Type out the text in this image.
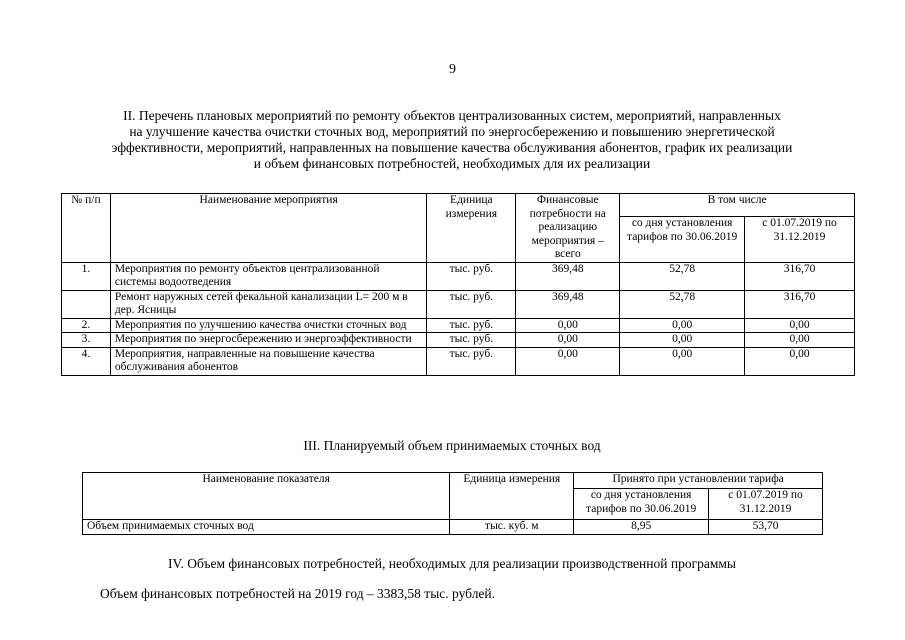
9
II. Перечень плановых мероприятий по ремонту объектов централизованных систем, мероприятий, направленных
на улучшение качества очистки сточных вод, мероприятий по энергосбережению и повышению энергетической
эффективности, мероприятий, направленных на повышение качества обслуживания абонентов, график их реализации
и объем финансовых потребностей, необходимых для их реализации
№ п/п	Наименование мероприятия	Единица измерения	Финансовые потребности на реализацию мероприятия – всего	В том числе	
				со дня установления тарифов по 30.06.2019	с 01.07.2019 по 31.12.2019
1.	Мероприятия по ремонту объектов централизованной системы водоотведения	тыс. руб.	369,48	52,78	316,70
	Ремонт наружных сетей фекальной канализации L= 200 м в дер. Ясницы	тыс. руб.	369,48	52,78	316,70
2.	Мероприятия по улучшению качества очистки сточных вод	тыс. руб.	0,00	0,00	0,00
3.	Мероприятия по энергосбережению и энергоэффективности	тыс. руб.	0,00	0,00	0,00
4.	Мероприятия, направленные на повышение качества обслуживания абонентов	тыс. руб.	0,00	0,00	0,00
III. Планируемый объем принимаемых сточных вод
Наименование показателя	Единица измерения	Принято при установлении тарифа	
		со дня установления тарифов по 30.06.2019	с 01.07.2019 по 31.12.2019
Объем принимаемых сточных вод	тыс. куб. м	8,95	53,70
IV. Объем финансовых потребностей, необходимых для реализации производственной программы
Объем финансовых потребностей на 2019 год – 3383,58 тыс. рублей.
